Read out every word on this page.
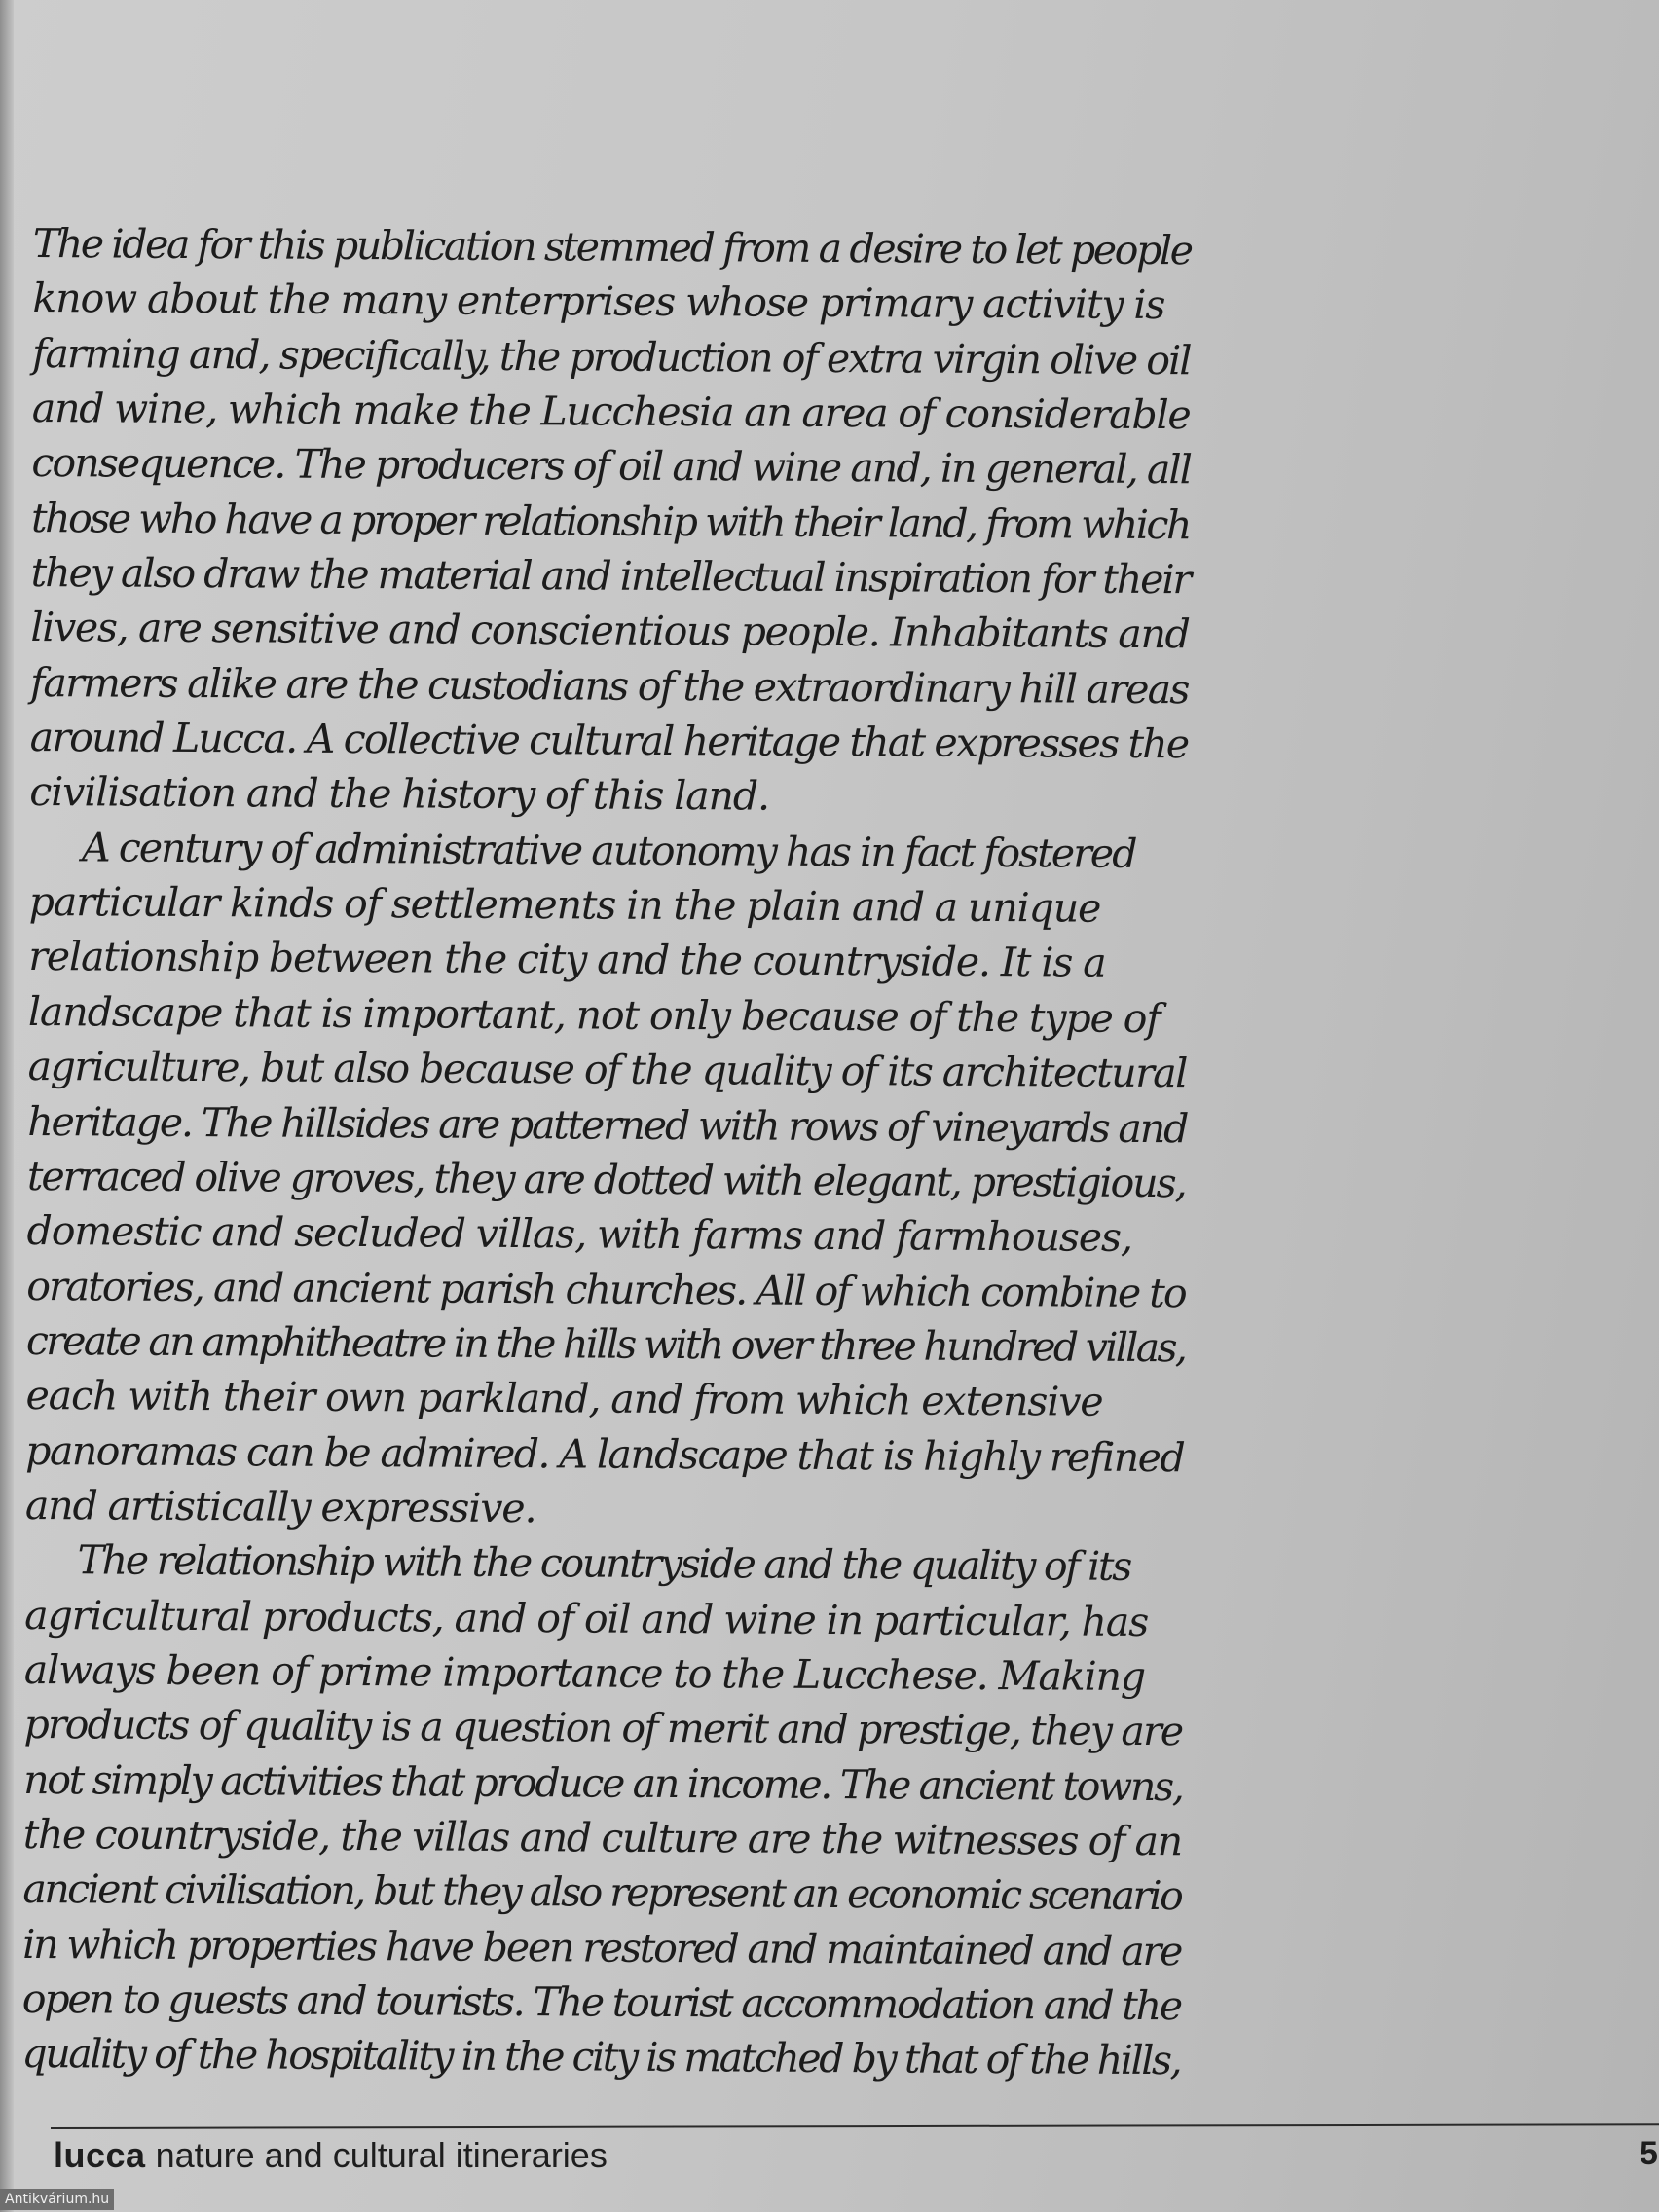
The idea for this publication stemmed from a desire to let people
know about the many enterprises whose primary activity is
farming and, specifically, the production of extra virgin olive oil
and wine, which make the Lucchesia an area of considerable
consequence. The producers of oil and wine and, in general, all
those who have a proper relationship with their land, from which
they also draw the material and intellectual inspiration for their
lives, are sensitive and conscientious people. Inhabitants and
farmers alike are the custodians of the extraordinary hill areas
around Lucca. A collective cultural heritage that expresses the
civilisation and the history of this land.
A century of administrative autonomy has in fact fostered
particular kinds of settlements in the plain and a unique
relationship between the city and the countryside. It is a
landscape that is important, not only because of the type of
agriculture, but also because of the quality of its architectural
heritage. The hillsides are patterned with rows of vineyards and
terraced olive groves, they are dotted with elegant, prestigious,
domestic and secluded villas, with farms and farmhouses,
oratories, and ancient parish churches. All of which combine to
create an amphitheatre in the hills with over three hundred villas,
each with their own parkland, and from which extensive
panoramas can be admired. A landscape that is highly refined
and artistically expressive.
The relationship with the countryside and the quality of its
agricultural products, and of oil and wine in particular, has
always been of prime importance to the Lucchese. Making
products of quality is a question of merit and prestige, they are
not simply activities that produce an income. The ancient towns,
the countryside, the villas and culture are the witnesses of an
ancient civilisation, but they also represent an economic scenario
in which properties have been restored and maintained and are
open to guests and tourists. The tourist accommodation and the
quality of the hospitality in the city is matched by that of the hills,
lucca nature and cultural itineraries	5
Antikvárium.hu
